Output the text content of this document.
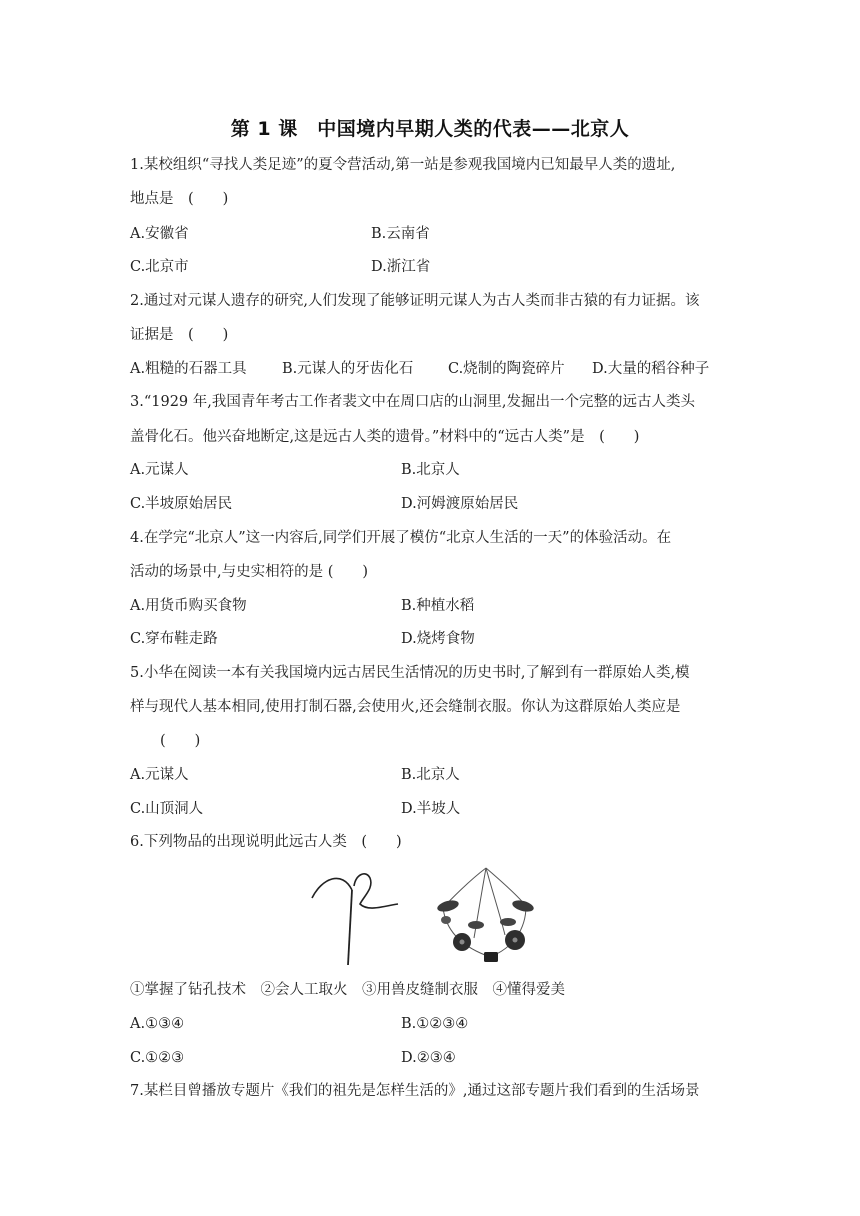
第 1 课　中国境内早期人类的代表——北京人
1.某校组织“寻找人类足迹”的夏令营活动,第一站是参观我国境内已知最早人类的遗址,
地点是　(　　)
A.安徽省	B.云南省
C.北京市	D.浙江省
2.通过对元谋人遗存的研究,人们发现了能够证明元谋人为古人类而非古猿的有力证据。该
证据是　(　　)
A.粗糙的石器工具 B.元谋人的牙齿化石 C.烧制的陶瓷碎片 D.大量的稻谷种子
3.“1929 年,我国青年考古工作者裴文中在周口店的山洞里,发掘出一个完整的远古人类头
盖骨化石。他兴奋地断定,这是远古人类的遗骨。”材料中的“远古人类”是　(　　)
A.元谋人	B.北京人
C.半坡原始居民	D.河姆渡原始居民
4.在学完“北京人”这一内容后,同学们开展了模仿“北京人生活的一天”的体验活动。在
活动的场景中,与史实相符的是 (　　)
A.用货币购买食物	B.种植水稻
C.穿布鞋走路	D.烧烤食物
5.小华在阅读一本有关我国境内远古居民生活情况的历史书时,了解到有一群原始人类,模
样与现代人基本相同,使用打制石器,会使用火,还会缝制衣服。你认为这群原始人类应是
(　　)
A.元谋人	B.北京人
C.山顶洞人	D.半坡人
6.下列物品的出现说明此远古人类　(　　)
①掌握了钻孔技术　②会人工取火　③用兽皮缝制衣服　④懂得爱美
A.①③④	B.①②③④
C.①②③	D.②③④
7.某栏目曾播放专题片《我们的祖先是怎样生活的》,通过这部专题片我们看到的生活场景
